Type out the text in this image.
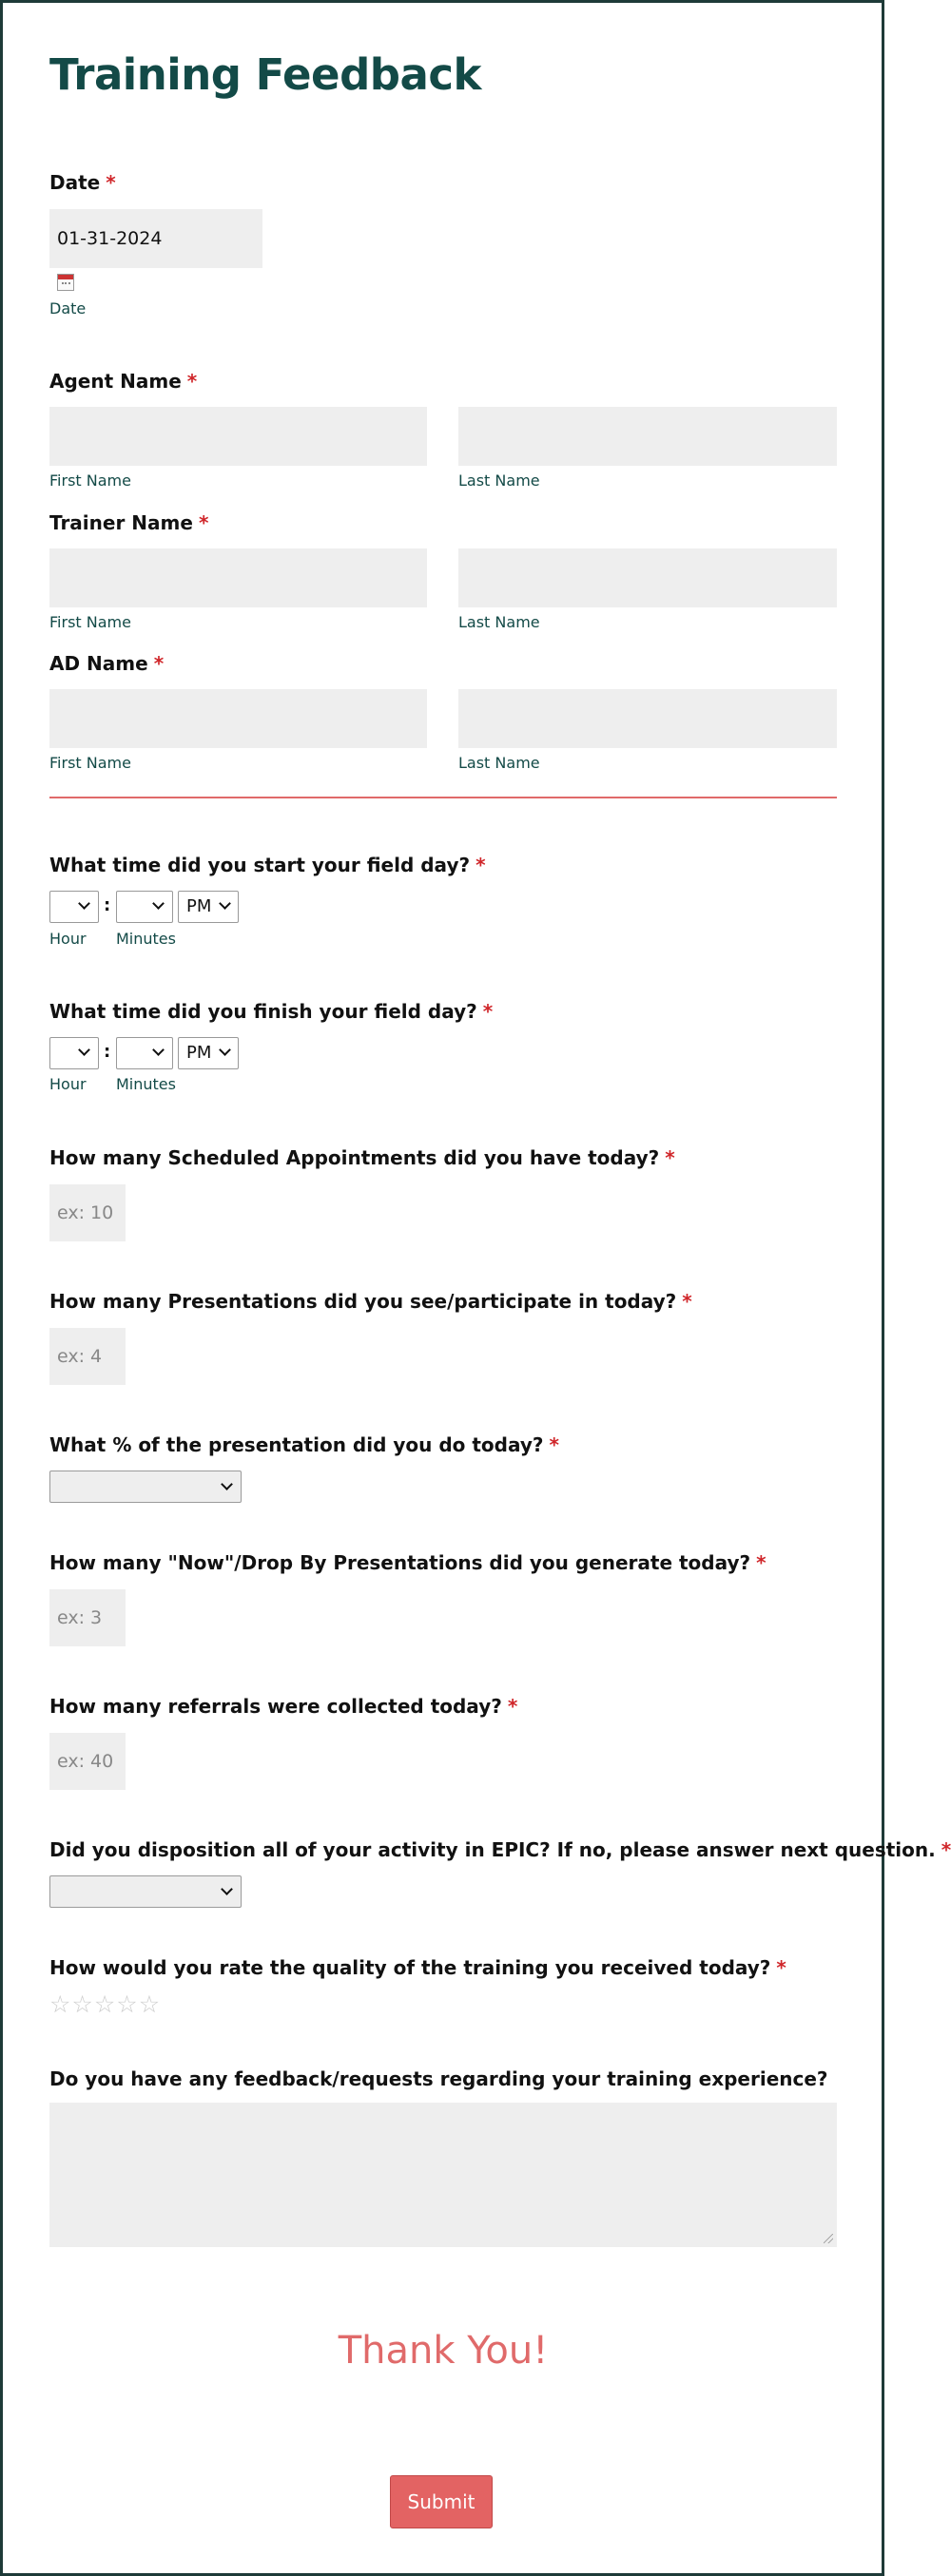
Training Feedback
Date *
01-31-2024
Date
Agent Name *
First Name	Last Name
Trainer Name *
First Name	Last Name
AD Name *
First Name	Last Name
What time did you start your field day? *
:	PM
Hour Minutes
What time did you finish your field day? *
:	PM
Hour Minutes
How many Scheduled Appointments did you have today? *
ex: 10
How many Presentations did you see/participate in today? *
ex: 4
What % of the presentation did you do today? *
How many "Now"/Drop By Presentations did you generate today? *
ex: 3
How many referrals were collected today? *
ex: 40
Did you disposition all of your activity in EPIC? If no, please answer next question. *
How would you rate the quality of the training you received today? *
☆ ☆ ☆ ☆ ☆
Do you have any feedback/requests regarding your training experience?
Thank You!
Submit
